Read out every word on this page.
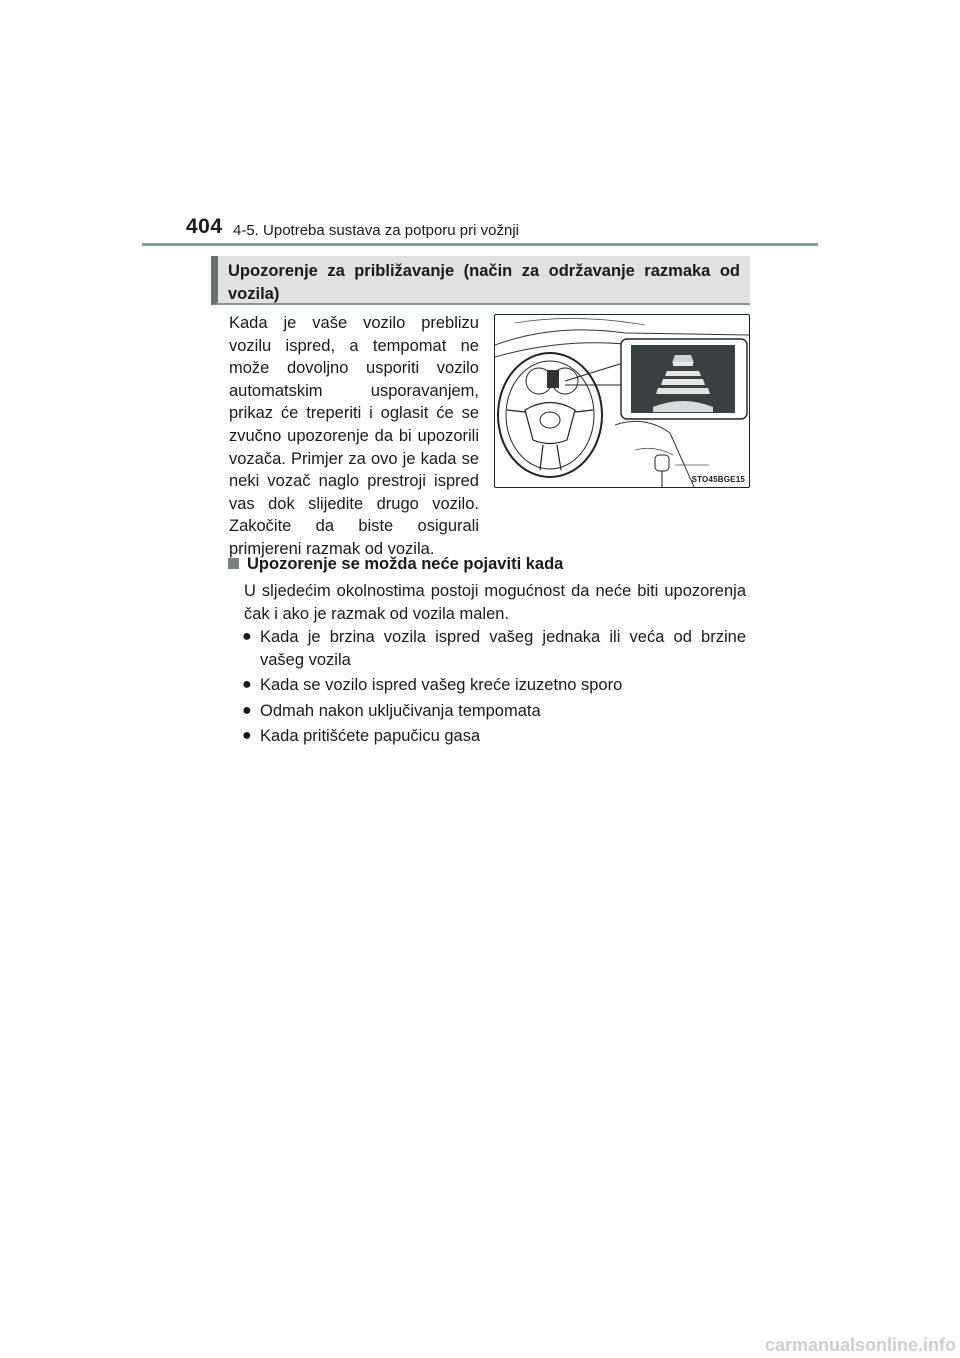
404 4-5. Upotreba sustava za potporu pri vožnji
Upozorenje za približavanje (način za održavanje razmaka od vozila)
Kada je vaše vozilo preblizu vozilu ispred, a tempomat ne može dovoljno usporiti vozilo automatskim usporavanjem, prikaz će treperiti i oglasit će se zvučno upozorenje da bi upozorili vozača. Primjer za ovo je kada se neki vozač naglo prestroji ispred vas dok slijedite drugo vozilo. Zakočite da biste osigurali primjereni razmak od vozila.
STO45BGE15
Upozorenje se možda neće pojaviti kada
U sljedećim okolnostima postoji mogućnost da neće biti upozorenja čak i ako je razmak od vozila malen.
● Kada je brzina vozila ispred vašeg jednaka ili veća od brzine vašeg vozila
● Kada se vozilo ispred vašeg kreće izuzetno sporo
● Odmah nakon uključivanja tempomata
● Kada pritišćete papučicu gasa
carmanualsonline.info
